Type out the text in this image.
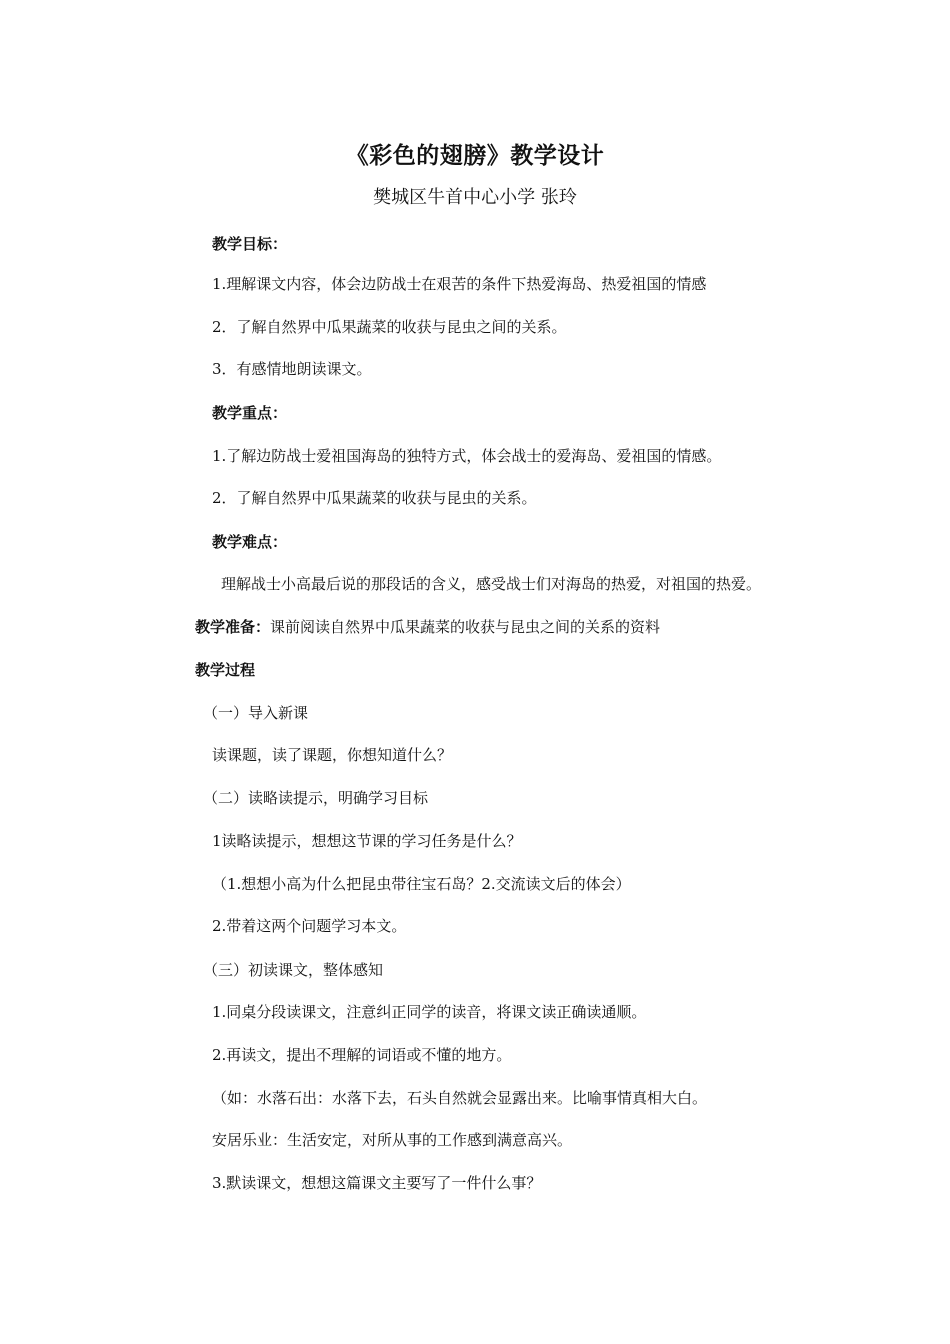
《彩色的翅膀》教学设计
樊城区牛首中心小学 张玲
教学目标：
1.理解课文内容，体会边防战士在艰苦的条件下热爱海岛、热爱祖国的情感
2．了解自然界中瓜果蔬菜的收获与昆虫之间的关系。
3．有感情地朗读课文。
教学重点：
1.了解边防战士爱祖国海岛的独特方式，体会战士的爱海岛、爱祖国的情感。
2．了解自然界中瓜果蔬菜的收获与昆虫的关系。
教学难点：
理解战士小高最后说的那段话的含义，感受战士们对海岛的热爱，对祖国的热爱。
教学准备：课前阅读自然界中瓜果蔬菜的收获与昆虫之间的关系的资料
教学过程
（一）导入新课
读课题，读了课题，你想知道什么？
（二）读略读提示，明确学习目标
1读略读提示，想想这节课的学习任务是什么？
（1.想想小高为什么把昆虫带往宝石岛？2.交流读文后的体会）
2.带着这两个问题学习本文。
（三）初读课文，整体感知
1.同桌分段读课文，注意纠正同学的读音，将课文读正确读通顺。
2.再读文，提出不理解的词语或不懂的地方。
（如：水落石出：水落下去，石头自然就会显露出来。比喻事情真相大白。
安居乐业：生活安定，对所从事的工作感到满意高兴。
3.默读课文，想想这篇课文主要写了一件什么事？
